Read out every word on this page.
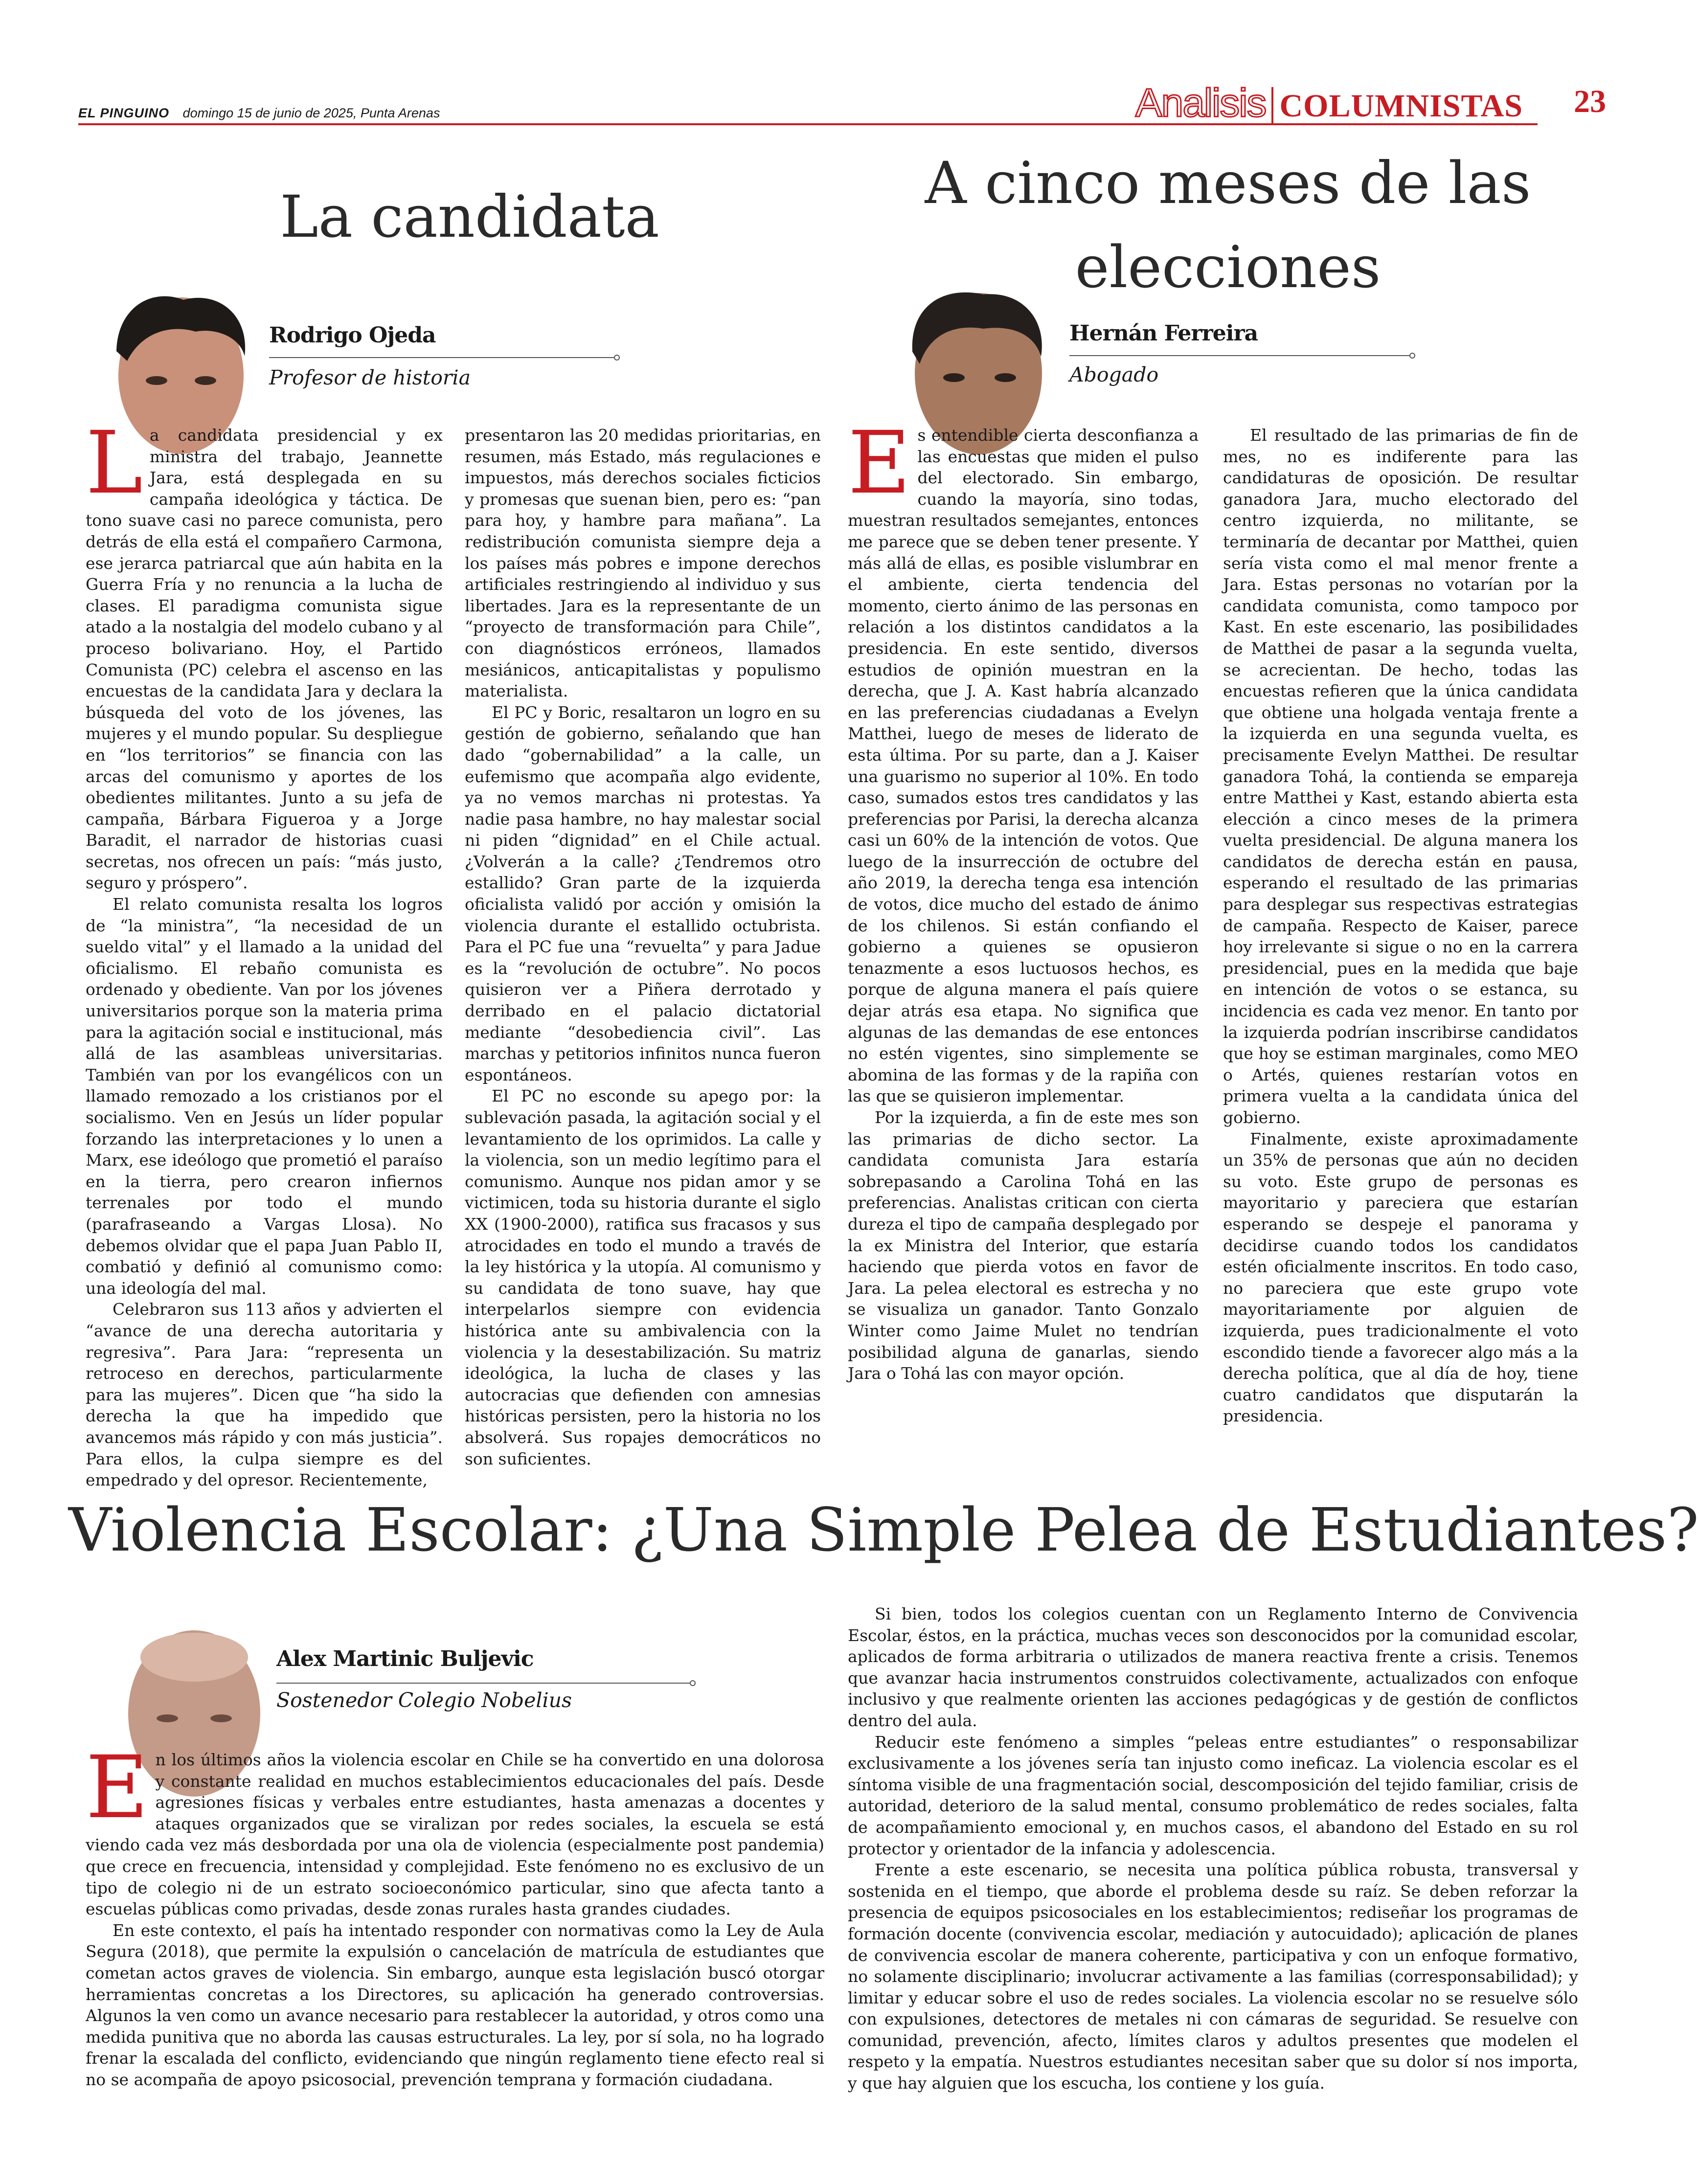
EL PINGUINO domingo 15 de junio de 2025, Punta Arenas	Analisis COLUMNISTAS 23
La candidata
Rodrigo Ojeda
Profesor de historia

La candidata presidencial y ex ministra del trabajo, Jeannette Jara, está desplegada en su campaña ideológica y táctica. De tono suave casi no parece comunista, pero detrás de ella está el compañero Carmona, ese jerarca patriarcal que aún habita en la Guerra Fría y no renuncia a la lucha de clases. El paradigma comunista sigue atado a la nostalgia del modelo cubano y al proceso bolivariano. Hoy, el Partido Comunista (PC) celebra el ascenso en las encuestas de la candidata Jara y declara la búsqueda del voto de los jóvenes, las mujeres y el mundo popular. Su despliegue en “los territorios” se financia con las arcas del comunismo y aportes de los obedientes militantes. Junto a su jefa de campaña, Bárbara Figueroa y a Jorge Baradit, el narrador de historias cuasi secretas, nos ofrecen un país: “más justo, seguro y próspero”.

El relato comunista resalta los logros de “la ministra”, “la necesidad de un sueldo vital” y el llamado a la unidad del oficialismo. El rebaño comunista es ordenado y obediente. Van por los jóvenes universitarios porque son la materia prima para la agitación social e institucional, más allá de las asambleas universitarias. También van por los evangélicos con un llamado remozado a los cristianos por el socialismo. Ven en Jesús un líder popular forzando las interpretaciones y lo unen a Marx, ese ideólogo que prometió el paraíso en la tierra, pero crearon infiernos terrenales por todo el mundo (parafraseando a Vargas Llosa). No debemos olvidar que el papa Juan Pablo II, combatió y definió al comunismo como: una ideología del mal.

Celebraron sus 113 años y advierten el “avance de una derecha autoritaria y regresiva”. Para Jara: “representa un retroceso en derechos, particularmente para las mujeres”. Dicen que “ha sido la derecha la que ha impedido que avancemos más rápido y con más justicia”. Para ellos, la culpa siempre es del empedrado y del opresor. Recientemente,

presentaron las 20 medidas prioritarias, en resumen, más Estado, más regulaciones e impuestos, más derechos sociales ficticios y promesas que suenan bien, pero es: “pan para hoy, y hambre para mañana”. La redistribución comunista siempre deja a los países más pobres e impone derechos artificiales restringiendo al individuo y sus libertades. Jara es la representante de un “proyecto de transformación para Chile”, con diagnósticos erróneos, llamados mesiánicos, anticapitalistas y populismo materialista.

El PC y Boric, resaltaron un logro en su gestión de gobierno, señalando que han dado “gobernabilidad” a la calle, un eufemismo que acompaña algo evidente, ya no vemos marchas ni protestas. Ya nadie pasa hambre, no hay malestar social ni piden “dignidad” en el Chile actual. ¿Volverán a la calle? ¿Tendremos otro estallido? Gran parte de la izquierda oficialista validó por acción y omisión la violencia durante el estallido octubrista. Para el PC fue una “revuelta” y para Jadue es la “revolución de octubre”. No pocos quisieron ver a Piñera derrotado y derribado en el palacio dictatorial mediante “desobediencia civil”. Las marchas y petitorios infinitos nunca fueron espontáneos.

El PC no esconde su apego por: la sublevación pasada, la agitación social y el levantamiento de los oprimidos. La calle y la violencia, son un medio legítimo para el comunismo. Aunque nos pidan amor y se victimicen, toda su historia durante el siglo XX (1900-2000), ratifica sus fracasos y sus atrocidades en todo el mundo a través de la ley histórica y la utopía. Al comunismo y su candidata de tono suave, hay que interpelarlos siempre con evidencia histórica ante su ambivalencia con la violencia y la desestabilización. Su matriz ideológica, la lucha de clases y las autocracias que defienden con amnesias históricas persisten, pero la historia no los absolverá. Sus ropajes democráticos no son suficientes.

A cinco meses de las elecciones
Hernán Ferreira
Abogado

Es entendible cierta desconfianza a las encuestas que miden el pulso del electorado. Sin embargo, cuando la mayoría, sino todas, muestran resultados semejantes, entonces me parece que se deben tener presente. Y más allá de ellas, es posible vislumbrar en el ambiente, cierta tendencia del momento, cierto ánimo de las personas en relación a los distintos candidatos a la presidencia. En este sentido, diversos estudios de opinión muestran en la derecha, que J. A. Kast habría alcanzado en las preferencias ciudadanas a Evelyn Matthei, luego de meses de liderato de esta última. Por su parte, dan a J. Kaiser una guarismo no superior al 10%. En todo caso, sumados estos tres candidatos y las preferencias por Parisi, la derecha alcanza casi un 60% de la intención de votos. Que luego de la insurrección de octubre del año 2019, la derecha tenga esa intención de votos, dice mucho del estado de ánimo de los chilenos. Si están confiando el gobierno a quienes se opusieron tenazmente a esos luctuosos hechos, es porque de alguna manera el país quiere dejar atrás esa etapa. No significa que algunas de las demandas de ese entonces no estén vigentes, sino simplemente se abomina de las formas y de la rapiña con las que se quisieron implementar.

Por la izquierda, a fin de este mes son las primarias de dicho sector. La candidata comunista Jara estaría sobrepasando a Carolina Tohá en las preferencias. Analistas critican con cierta dureza el tipo de campaña desplegado por la ex Ministra del Interior, que estaría haciendo que pierda votos en favor de Jara. La pelea electoral es estrecha y no se visualiza un ganador. Tanto Gonzalo Winter como Jaime Mulet no tendrían posibilidad alguna de ganarlas, siendo Jara o Tohá las con mayor opción.

El resultado de las primarias de fin de mes, no es indiferente para las candidaturas de oposición. De resultar ganadora Jara, mucho electorado del centro izquierda, no militante, se terminaría de decantar por Matthei, quien sería vista como el mal menor frente a Jara. Estas personas no votarían por la candidata comunista, como tampoco por Kast. En este escenario, las posibilidades de Matthei de pasar a la segunda vuelta, se acrecientan. De hecho, todas las encuestas refieren que la única candidata que obtiene una holgada ventaja frente a la izquierda en una segunda vuelta, es precisamente Evelyn Matthei. De resultar ganadora Tohá, la contienda se empareja entre Matthei y Kast, estando abierta esta elección a cinco meses de la primera vuelta presidencial. De alguna manera los candidatos de derecha están en pausa, esperando el resultado de las primarias para desplegar sus respectivas estrategias de campaña. Respecto de Kaiser, parece hoy irrelevante si sigue o no en la carrera presidencial, pues en la medida que baje en intención de votos o se estanca, su incidencia es cada vez menor. En tanto por la izquierda podrían inscribirse candidatos que hoy se estiman marginales, como MEO o Artés, quienes restarían votos en primera vuelta a la candidata única del gobierno.

Finalmente, existe aproximadamente un 35% de personas que aún no deciden su voto. Este grupo de personas es mayoritario y pareciera que estarían esperando se despeje el panorama y decidirse cuando todos los candidatos estén oficialmente inscritos. En todo caso, no pareciera que este grupo vote mayoritariamente por alguien de izquierda, pues tradicionalmente el voto escondido tiende a favorecer algo más a la derecha política, que al día de hoy, tiene cuatro candidatos que disputarán la presidencia.

Violencia Escolar: ¿Una Simple Pelea de Estudiantes?
Alex Martinic Buljevic
Sostenedor Colegio Nobelius

En los últimos años la violencia escolar en Chile se ha convertido en una dolorosa y constante realidad en muchos establecimientos educacionales del país. Desde agresiones físicas y verbales entre estudiantes, hasta amenazas a docentes y ataques organizados que se viralizan por redes sociales, la escuela se está viendo cada vez más desbordada por una ola de violencia (especialmente post pandemia) que crece en frecuencia, intensidad y complejidad. Este fenómeno no es exclusivo de un tipo de colegio ni de un estrato socioeconómico particular, sino que afecta tanto a escuelas públicas como privadas, desde zonas rurales hasta grandes ciudades.

En este contexto, el país ha intentado responder con normativas como la Ley de Aula Segura (2018), que permite la expulsión o cancelación de matrícula de estudiantes que cometan actos graves de violencia. Sin embargo, aunque esta legislación buscó otorgar herramientas concretas a los Directores, su aplicación ha generado controversias. Algunos la ven como un avance necesario para restablecer la autoridad, y otros como una medida punitiva que no aborda las causas estructurales. La ley, por sí sola, no ha logrado frenar la escalada del conflicto, evidenciando que ningún reglamento tiene efecto real si no se acompaña de apoyo psicosocial, prevención temprana y formación ciudadana.

Si bien, todos los colegios cuentan con un Reglamento Interno de Convivencia Escolar, éstos, en la práctica, muchas veces son desconocidos por la comunidad escolar, aplicados de forma arbitraria o utilizados de manera reactiva frente a crisis. Tenemos que avanzar hacia instrumentos construidos colectivamente, actualizados con enfoque inclusivo y que realmente orienten las acciones pedagógicas y de gestión de conflictos dentro del aula.

Reducir este fenómeno a simples “peleas entre estudiantes” o responsabilizar exclusivamente a los jóvenes sería tan injusto como ineficaz. La violencia escolar es el síntoma visible de una fragmentación social, descomposición del tejido familiar, crisis de autoridad, deterioro de la salud mental, consumo problemático de redes sociales, falta de acompañamiento emocional y, en muchos casos, el abandono del Estado en su rol protector y orientador de la infancia y adolescencia.

Frente a este escenario, se necesita una política pública robusta, transversal y sostenida en el tiempo, que aborde el problema desde su raíz. Se deben reforzar la presencia de equipos psicosociales en los establecimientos; rediseñar los programas de formación docente (convivencia escolar, mediación y autocuidado); aplicación de planes de convivencia escolar de manera coherente, participativa y con un enfoque formativo, no solamente disciplinario; involucrar activamente a las familias (corresponsabilidad); y limitar y educar sobre el uso de redes sociales. La violencia escolar no se resuelve sólo con expulsiones, detectores de metales ni con cámaras de seguridad. Se resuelve con comunidad, prevención, afecto, límites claros y adultos presentes que modelen el respeto y la empatía. Nuestros estudiantes necesitan saber que su dolor sí nos importa, y que hay alguien que los escucha, los contiene y los guía.
